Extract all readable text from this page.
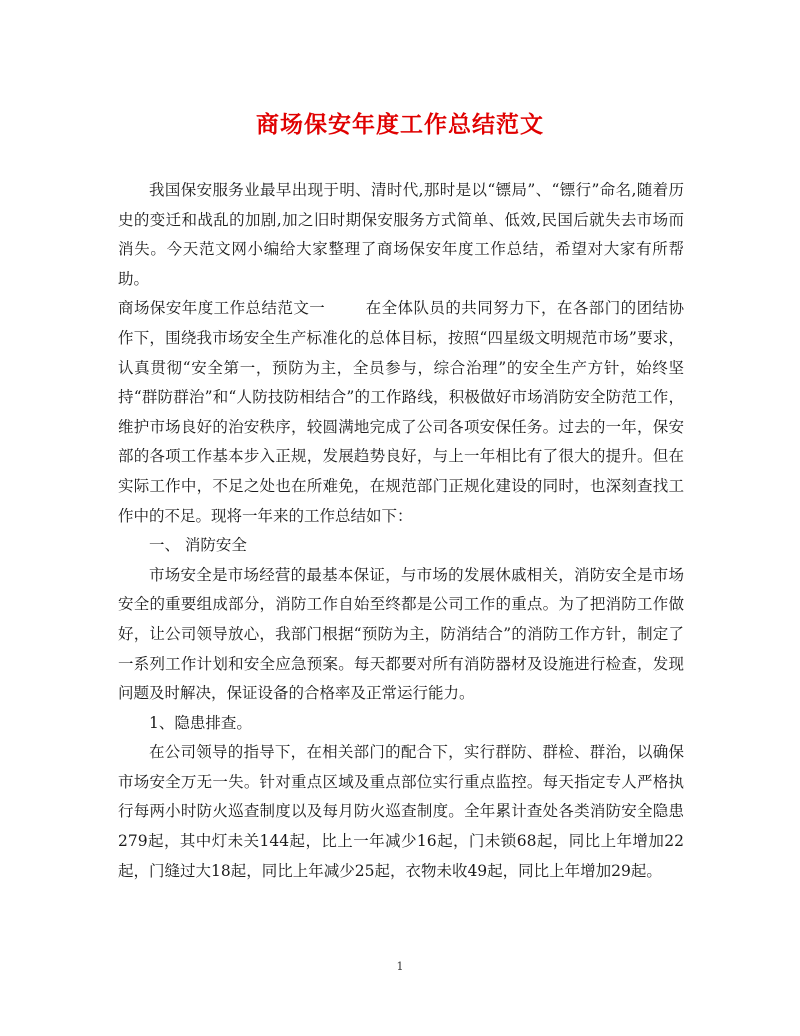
商场保安年度工作总结范文

我国保安服务业最早出现于明、清时代,那时是以“镖局”、“镖行”命名,随着历史的变迁和战乱的加剧,加之旧时期保安服务方式简单、低效,民国后就失去市场而消失。今天范文网小编给大家整理了商场保安年度工作总结，希望对大家有所帮助。

商场保安年度工作总结范文一	在全体队员的共同努力下，在各部门的团结协作下，围绕我市场安全生产标准化的总体目标，按照“四星级文明规范市场”要求，认真贯彻“安全第一，预防为主，全员参与，综合治理”的安全生产方针，始终坚持“群防群治”和“人防技防相结合”的工作路线，积极做好市场消防安全防范工作，维护市场良好的治安秩序，较圆满地完成了公司各项安保任务。过去的一年，保安部的各项工作基本步入正规，发展趋势良好，与上一年相比有了很大的提升。但在实际工作中，不足之处也在所难免，在规范部门正规化建设的同时，也深刻查找工作中的不足。现将一年来的工作总结如下：

一、 消防安全

市场安全是市场经营的最基本保证，与市场的发展休戚相关，消防安全是市场安全的重要组成部分，消防工作自始至终都是公司工作的重点。为了把消防工作做好，让公司领导放心，我部门根据“预防为主，防消结合”的消防工作方针，制定了一系列工作计划和安全应急预案。每天都要对所有消防器材及设施进行检查，发现问题及时解决，保证设备的合格率及正常运行能力。

1、隐患排查。

在公司领导的指导下，在相关部门的配合下，实行群防、群检、群治，以确保市场安全万无一失。针对重点区域及重点部位实行重点监控。每天指定专人严格执行每两小时防火巡查制度以及每月防火巡查制度。全年累计查处各类消防安全隐患279起，其中灯未关144起，比上一年减少16起，门未锁68起，同比上年增加22起，门缝过大18起，同比上年减少25起，衣物未收49起，同比上年增加29起。

1
